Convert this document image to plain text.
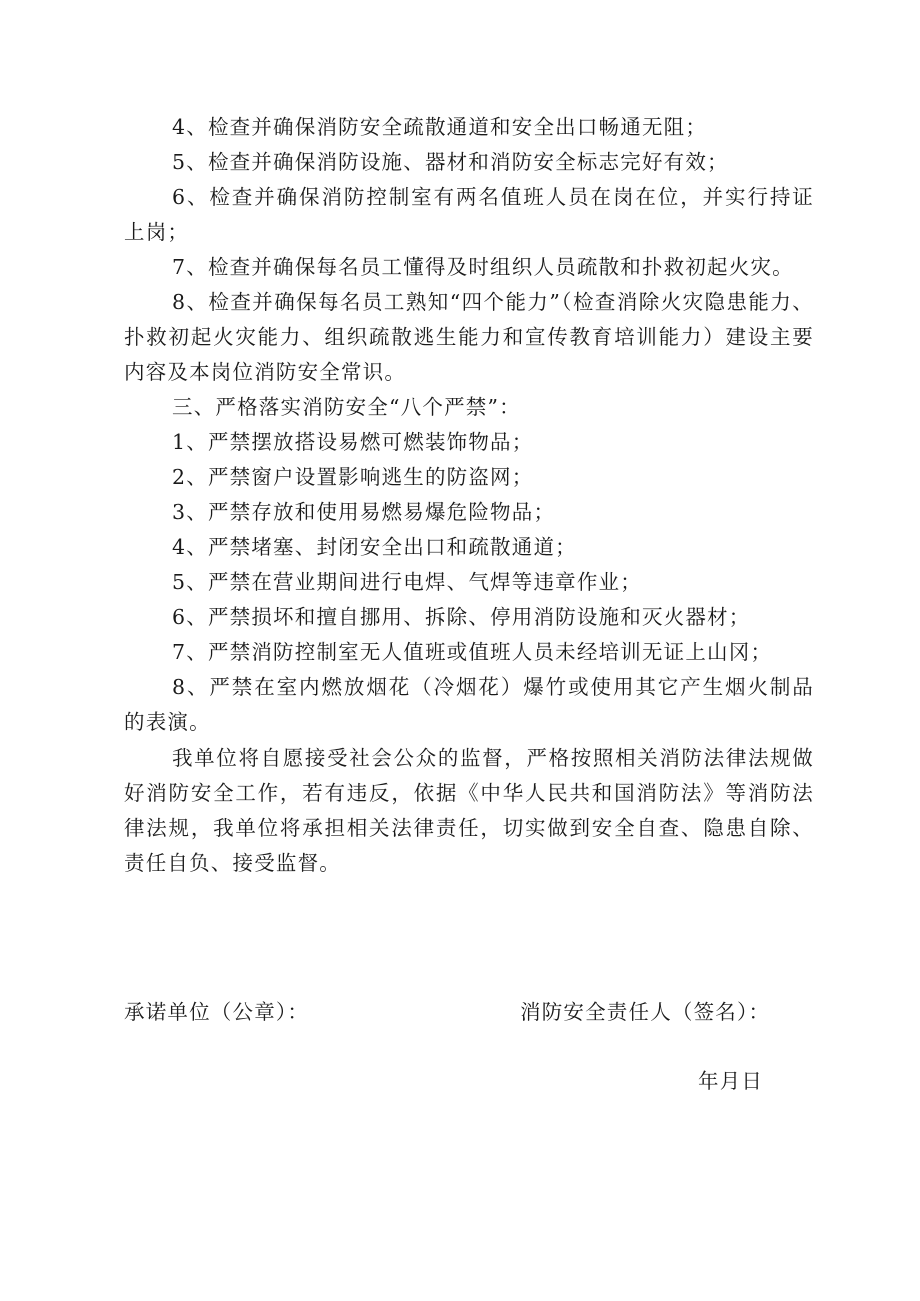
4、检查并确保消防安全疏散通道和安全出口畅通无阻；

5、检查并确保消防设施、器材和消防安全标志完好有效；

6、检查并确保消防控制室有两名值班人员在岗在位，并实行持证上岗；

7、检查并确保每名员工懂得及时组织人员疏散和扑救初起火灾。

8、检查并确保每名员工熟知“四个能力”（检查消除火灾隐患能力、扑救初起火灾能力、组织疏散逃生能力和宣传教育培训能力）建设主要内容及本岗位消防安全常识。

三、严格落实消防安全“八个严禁”：

1、严禁摆放搭设易燃可燃装饰物品；

2、严禁窗户设置影响逃生的防盗网；

3、严禁存放和使用易燃易爆危险物品；

4、严禁堵塞、封闭安全出口和疏散通道；

5、严禁在营业期间进行电焊、气焊等违章作业；

6、严禁损坏和擅自挪用、拆除、停用消防设施和灭火器材；

7、严禁消防控制室无人值班或值班人员未经培训无证上山冈；

8、严禁在室内燃放烟花（冷烟花）爆竹或使用其它产生烟火制品的表演。

我单位将自愿接受社会公众的监督，严格按照相关消防法律法规做好消防安全工作，若有违反，依据《中华人民共和国消防法》等消防法律法规，我单位将承担相关法律责任，切实做到安全自查、隐患自除、责任自负、接受监督。

承诺单位（公章）：	消防安全责任人（签名）：
年月日
